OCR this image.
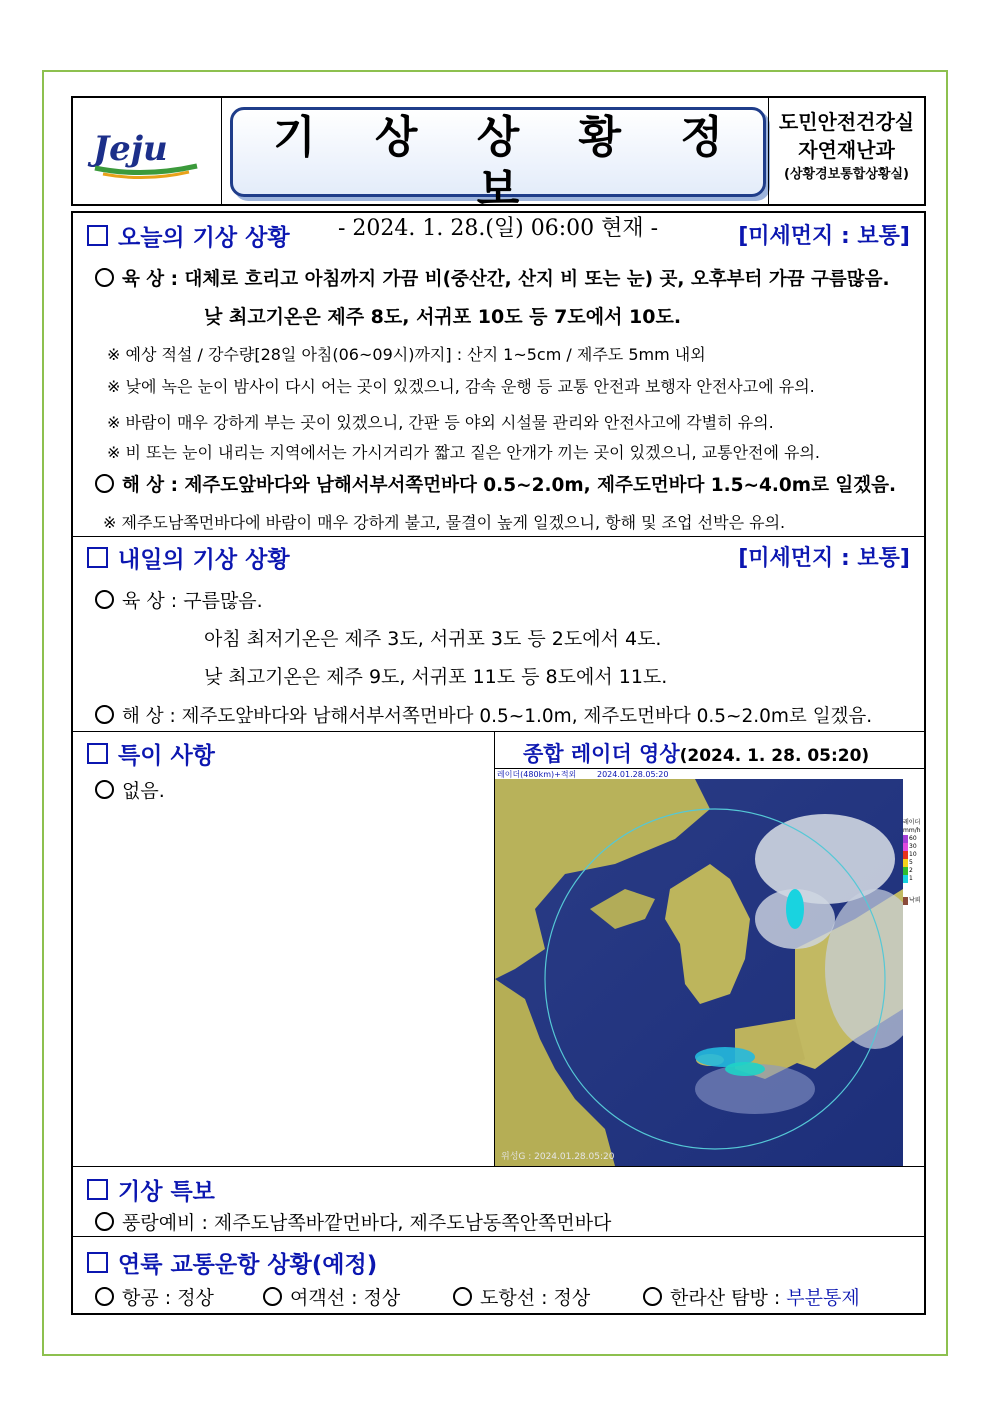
Jeju	기 상 상 황 정 보
- 2024. 1. 28.(일) 06:00 현재 -
도민안전건강실
자연재난과
(상황경보통합상황실)
오늘의 기상 상황	[미세먼지 : 보통]
육 상 : 대체로 흐리고 아침까지 가끔 비(중산간, 산지 비 또는 눈) 곳, 오후부터 가끔 구름많음.
낮 최고기온은 제주 8도, 서귀포 10도 등 7도에서 10도.
※ 예상 적설 / 강수량[28일 아침(06~09시)까지] : 산지 1~5cm / 제주도 5mm 내외
※ 낮에 녹은 눈이 밤사이 다시 어는 곳이 있겠으니, 감속 운행 등 교통 안전과 보행자 안전사고에 유의.
※ 바람이 매우 강하게 부는 곳이 있겠으니, 간판 등 야외 시설물 관리와 안전사고에 각별히 유의.
※ 비 또는 눈이 내리는 지역에서는 가시거리가 짧고 짙은 안개가 끼는 곳이 있겠으니, 교통안전에 유의.
해 상 : 제주도앞바다와 남해서부서쪽먼바다 0.5~2.0m, 제주도먼바다 1.5~4.0m로 일겠음.
※ 제주도남쪽먼바다에 바람이 매우 강하게 불고, 물결이 높게 일겠으니, 항해 및 조업 선박은 유의.
내일의 기상 상황	[미세먼지 : 보통]
육 상 : 구름많음.
아침 최저기온은 제주 3도, 서귀포 3도 등 2도에서 4도.
낮 최고기온은 제주 9도, 서귀포 11도 등 8도에서 11도.
해 상 : 제주도앞바다와 남해서부서쪽먼바다 0.5~1.0m, 제주도먼바다 0.5~2.0m로 일겠음.
특이 사항
없음.
종합 레이더 영상(2024. 1. 28. 05:20)
레이더(480km)+적외	2024.01.28.05:20
위성G : 2024.01.28.05:20
레이더
mm/h
60
30
10
5
2
1
낙뢰
기상 특보
풍랑예비 : 제주도남쪽바깥먼바다, 제주도남동쪽안쪽먼바다
연륙 교통운항 상황(예정)
항공 : 정상	여객선 : 정상	도항선 : 정상	한라산 탐방 : 부분통제
